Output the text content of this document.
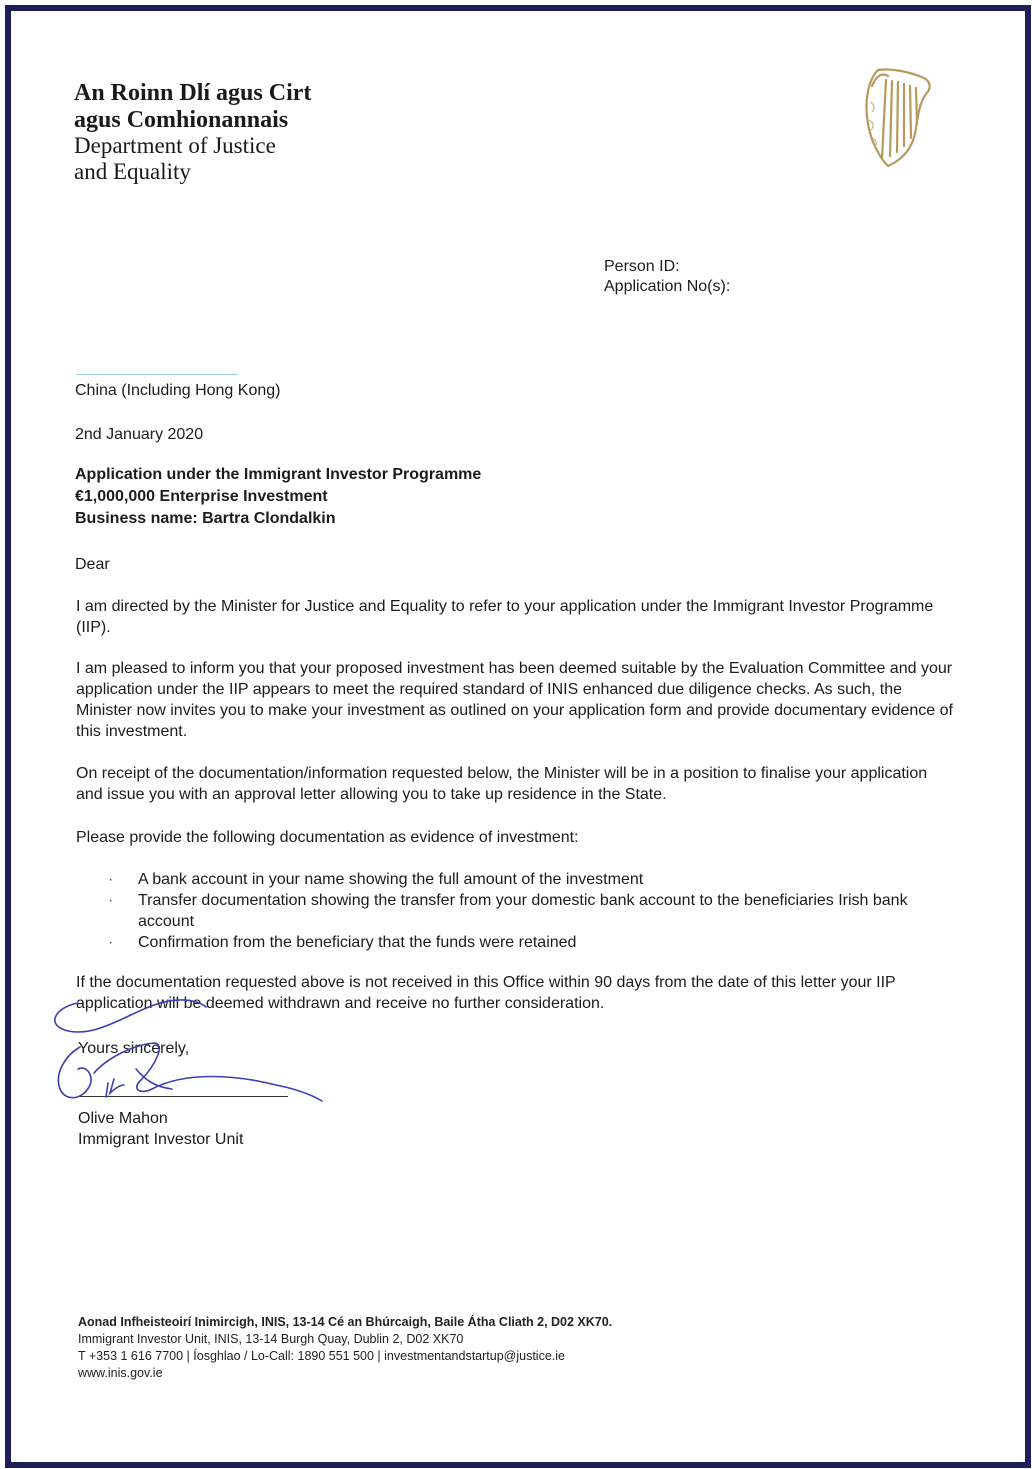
An Roinn Dlí agus Cirt
agus Comhionannais
Department of Justice
and Equality
Person ID:
Application No(s):
China (Including Hong Kong)
2nd January 2020
Application under the Immigrant Investor Programme
€1,000,000 Enterprise Investment
Business name: Bartra Clondalkin
Dear
I am directed by the Minister for Justice and Equality to refer to your application under the Immigrant Investor Programme (IIP).
I am pleased to inform you that your proposed investment has been deemed suitable by the Evaluation Committee and your application under the IIP appears to meet the required standard of INIS enhanced due diligence checks. As such, the Minister now invites you to make your investment as outlined on your application form and provide documentary evidence of this investment.
On receipt of the documentation/information requested below, the Minister will be in a position to finalise your application and issue you with an approval letter allowing you to take up residence in the State.
Please provide the following documentation as evidence of investment:
· A bank account in your name showing the full amount of the investment
· Transfer documentation showing the transfer from your domestic bank account to the beneficiaries Irish bank account
· Confirmation from the beneficiary that the funds were retained
If the documentation requested above is not received in this Office within 90 days from the date of this letter your IIP application will be deemed withdrawn and receive no further consideration.
Yours sincerely,
Olive Mahon
Immigrant Investor Unit
Aonad Infheisteoirí Inimircigh, INIS, 13-14 Cé an Bhúrcaigh, Baile Átha Cliath 2, D02 XK70.
Immigrant Investor Unit, INIS, 13-14 Burgh Quay, Dublin 2, D02 XK70
T +353 1 616 7700 | Íosghlao / Lo-Call: 1890 551 500 | investmentandstartup@justice.ie
www.inis.gov.ie
